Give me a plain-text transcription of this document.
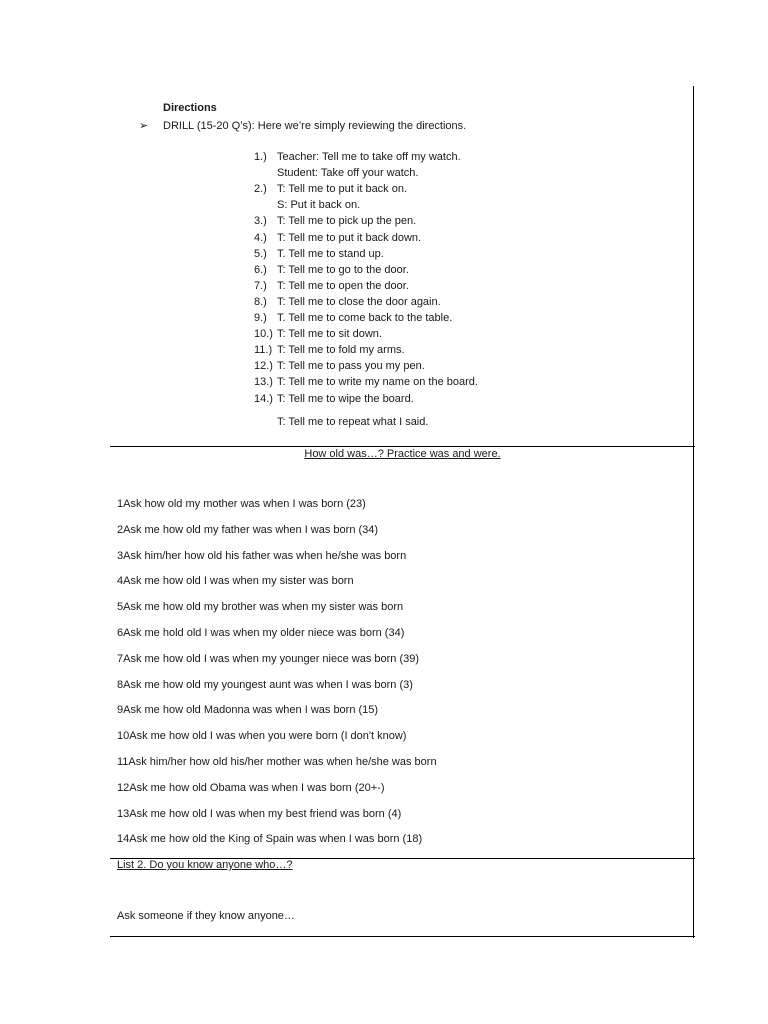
Directions
➢ DRILL (15-20 Q’s): Here we’re simply reviewing the directions.
1.) Teacher: Tell me to take off my watch.
Student: Take off your watch.
2.) T: Tell me to put it back on.
S: Put it back on.
3.) T: Tell me to pick up the pen.
4.) T: Tell me to put it back down.
5.) T. Tell me to stand up.
6.) T: Tell me to go to the door.
7.) T: Tell me to open the door.
8.) T: Tell me to close the door again.
9.) T. Tell me to come back to the table.
10.) T: Tell me to sit down.
11.) T: Tell me to fold my arms.
12.) T: Tell me to pass you my pen.
13.) T: Tell me to write my name on the board.
14.) T: Tell me to wipe the board.
T: Tell me to repeat what I said.
How old was…? Practice was and were.
1Ask how old my mother was when I was born (23)
2Ask me how old my father was when I was born (34)
3Ask him/her how old his father was when he/she was born
4Ask me how old I was when my sister was born
5Ask me how old my brother was when my sister was born
6Ask me hold old I was when my older niece was born (34)
7Ask me how old I was when my younger niece was born (39)
8Ask me how old my youngest aunt was when I was born (3)
9Ask me how old Madonna was when I was born (15)
10Ask me how old I was when you were born (I don't know)
11Ask him/her how old his/her mother was when he/she was born
12Ask me how old Obama was when I was born (20+-)
13Ask me how old I was when my best friend was born (4)
14Ask me how old the King of Spain was when I was born (18)
List 2. Do you know anyone who…?
Ask someone if they know anyone…
